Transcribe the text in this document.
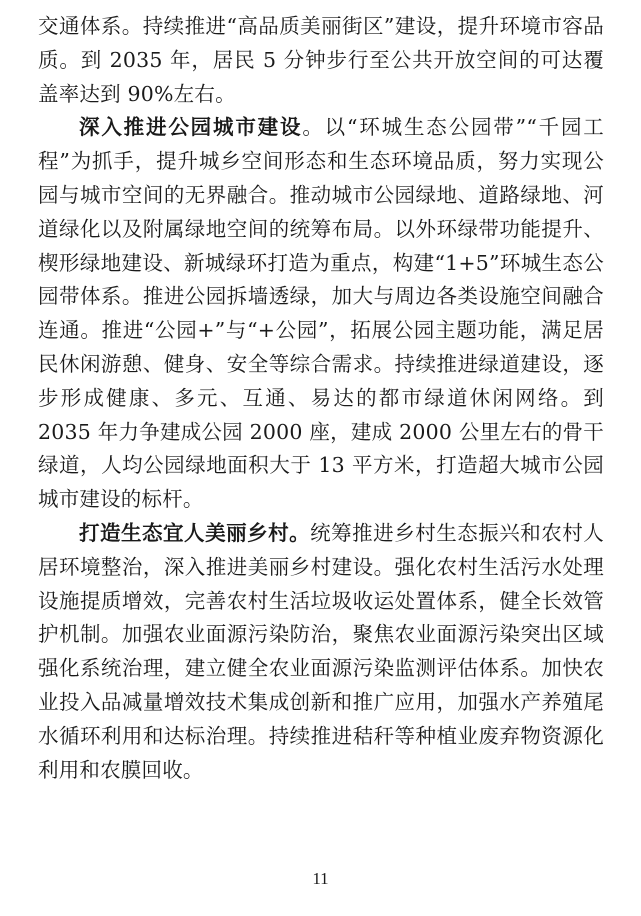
交通体系。持续推进“高品质美丽街区”建设，提升环境市容品质。到 2035 年，居民 5 分钟步行至公共开放空间的可达覆盖率达到 90%左右。

深入推进公园城市建设。以“环城生态公园带”“千园工程”为抓手，提升城乡空间形态和生态环境品质，努力实现公园与城市空间的无界融合。推动城市公园绿地、道路绿地、河道绿化以及附属绿地空间的统筹布局。以外环绿带功能提升、楔形绿地建设、新城绿环打造为重点，构建“1+5”环城生态公园带体系。推进公园拆墙透绿，加大与周边各类设施空间融合连通。推进“公园+”与“+公园”，拓展公园主题功能，满足居民休闲游憩、健身、安全等综合需求。持续推进绿道建设，逐步形成健康、多元、互通、易达的都市绿道休闲网络。到 2035 年力争建成公园 2000 座，建成 2000 公里左右的骨干绿道，人均公园绿地面积大于 13 平方米，打造超大城市公园城市建设的标杆。

打造生态宜人美丽乡村。统筹推进乡村生态振兴和农村人居环境整治，深入推进美丽乡村建设。强化农村生活污水处理设施提质增效，完善农村生活垃圾收运处置体系，健全长效管护机制。加强农业面源污染防治，聚焦农业面源污染突出区域强化系统治理，建立健全农业面源污染监测评估体系。加快农业投入品减量增效技术集成创新和推广应用，加强水产养殖尾水循环利用和达标治理。持续推进秸秆等种植业废弃物资源化利用和农膜回收。

11
